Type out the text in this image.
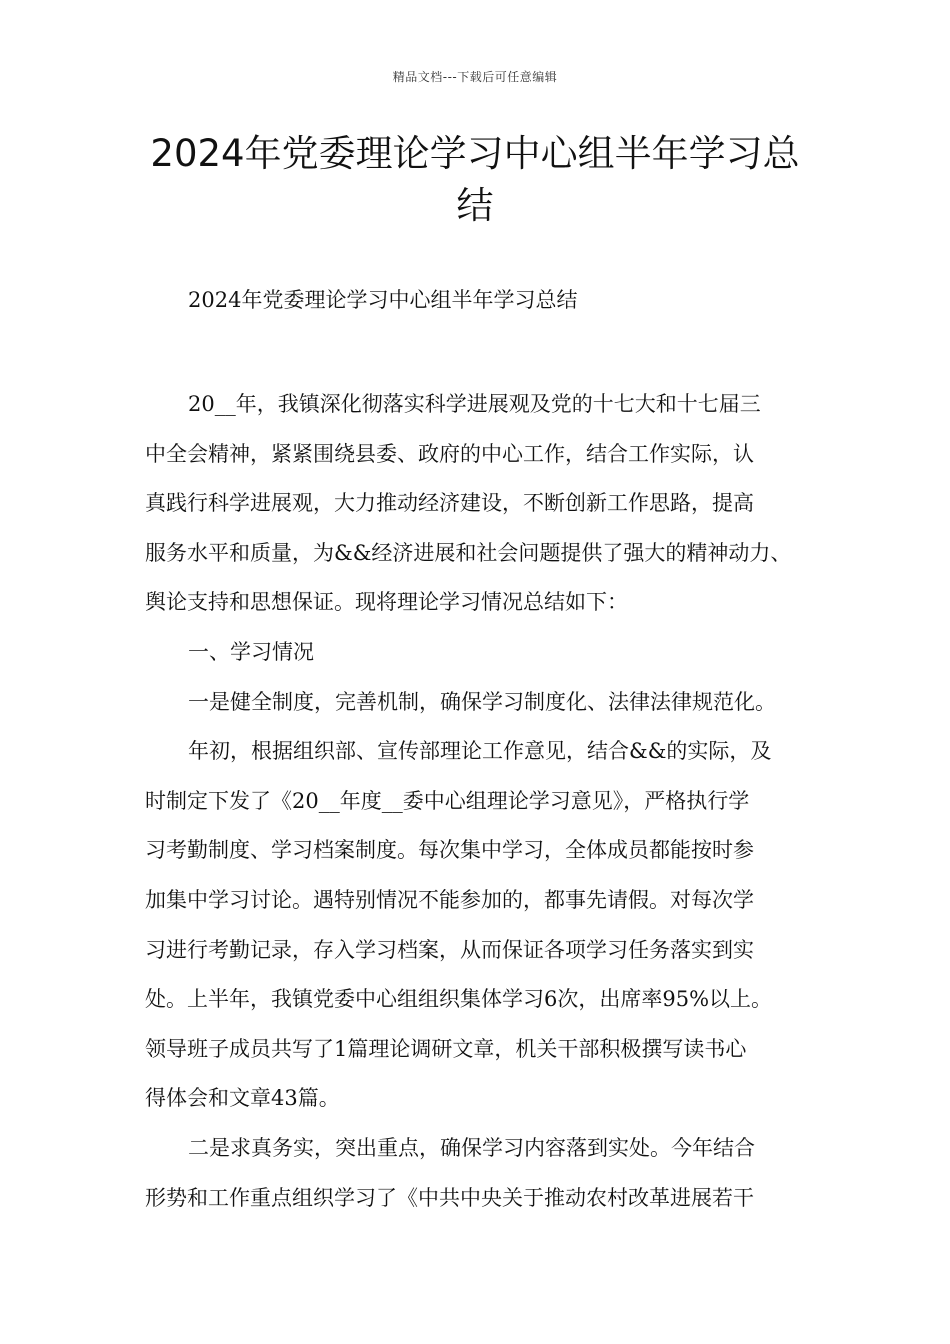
精品文档---下载后可任意编辑
2024年党委理论学习中心组半年学习总
结
2024年党委理论学习中心组半年学习总结

20__年，我镇深化彻落实科学进展观及党的十七大和十七届三
中全会精神，紧紧围绕县委、政府的中心工作，结合工作实际，认
真践行科学进展观，大力推动经济建设，不断创新工作思路，提高
服务水平和质量，为&&经济进展和社会问题提供了强大的精神动力、
舆论支持和思想保证。现将理论学习情况总结如下：

一、学习情况

一是健全制度，完善机制，确保学习制度化、法律法律规范化。

年初，根据组织部、宣传部理论工作意见，结合&&的实际，及
时制定下发了《20__年度__委中心组理论学习意见》，严格执行学
习考勤制度、学习档案制度。每次集中学习，全体成员都能按时参
加集中学习讨论。遇特别情况不能参加的，都事先请假。对每次学
习进行考勤记录，存入学习档案，从而保证各项学习任务落实到实
处。上半年，我镇党委中心组组织集体学习6次，出席率95%以上。
领导班子成员共写了1篇理论调研文章，机关干部积极撰写读书心
得体会和文章43篇。

二是求真务实，突出重点，确保学习内容落到实处。今年结合
形势和工作重点组织学习了《中共中央关于推动农村改革进展若干
